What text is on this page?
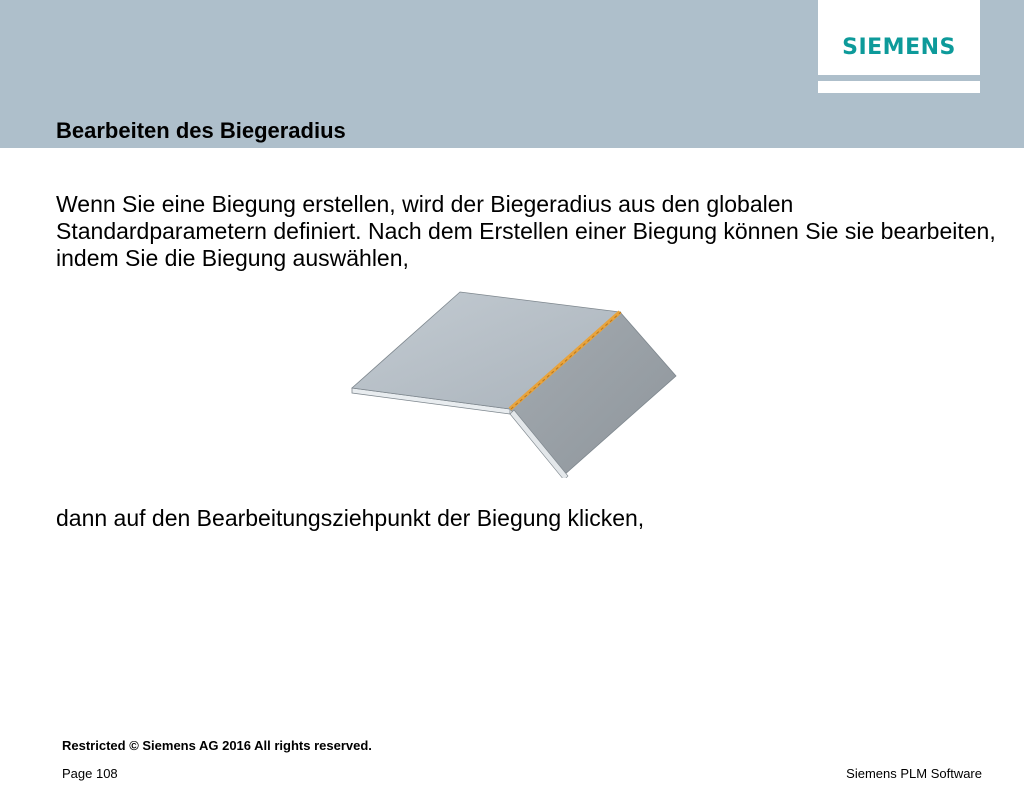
SIEMENS
Bearbeiten des Biegeradius
Wenn Sie eine Biegung erstellen, wird der Biegeradius aus den globalen Standardparametern definiert. Nach dem Erstellen einer Biegung können Sie sie bearbeiten, indem Sie die Biegung auswählen,
dann auf den Bearbeitungsziehpunkt der Biegung klicken,
Restricted © Siemens AG 2016 All rights reserved.
Page 108	Siemens PLM Software
